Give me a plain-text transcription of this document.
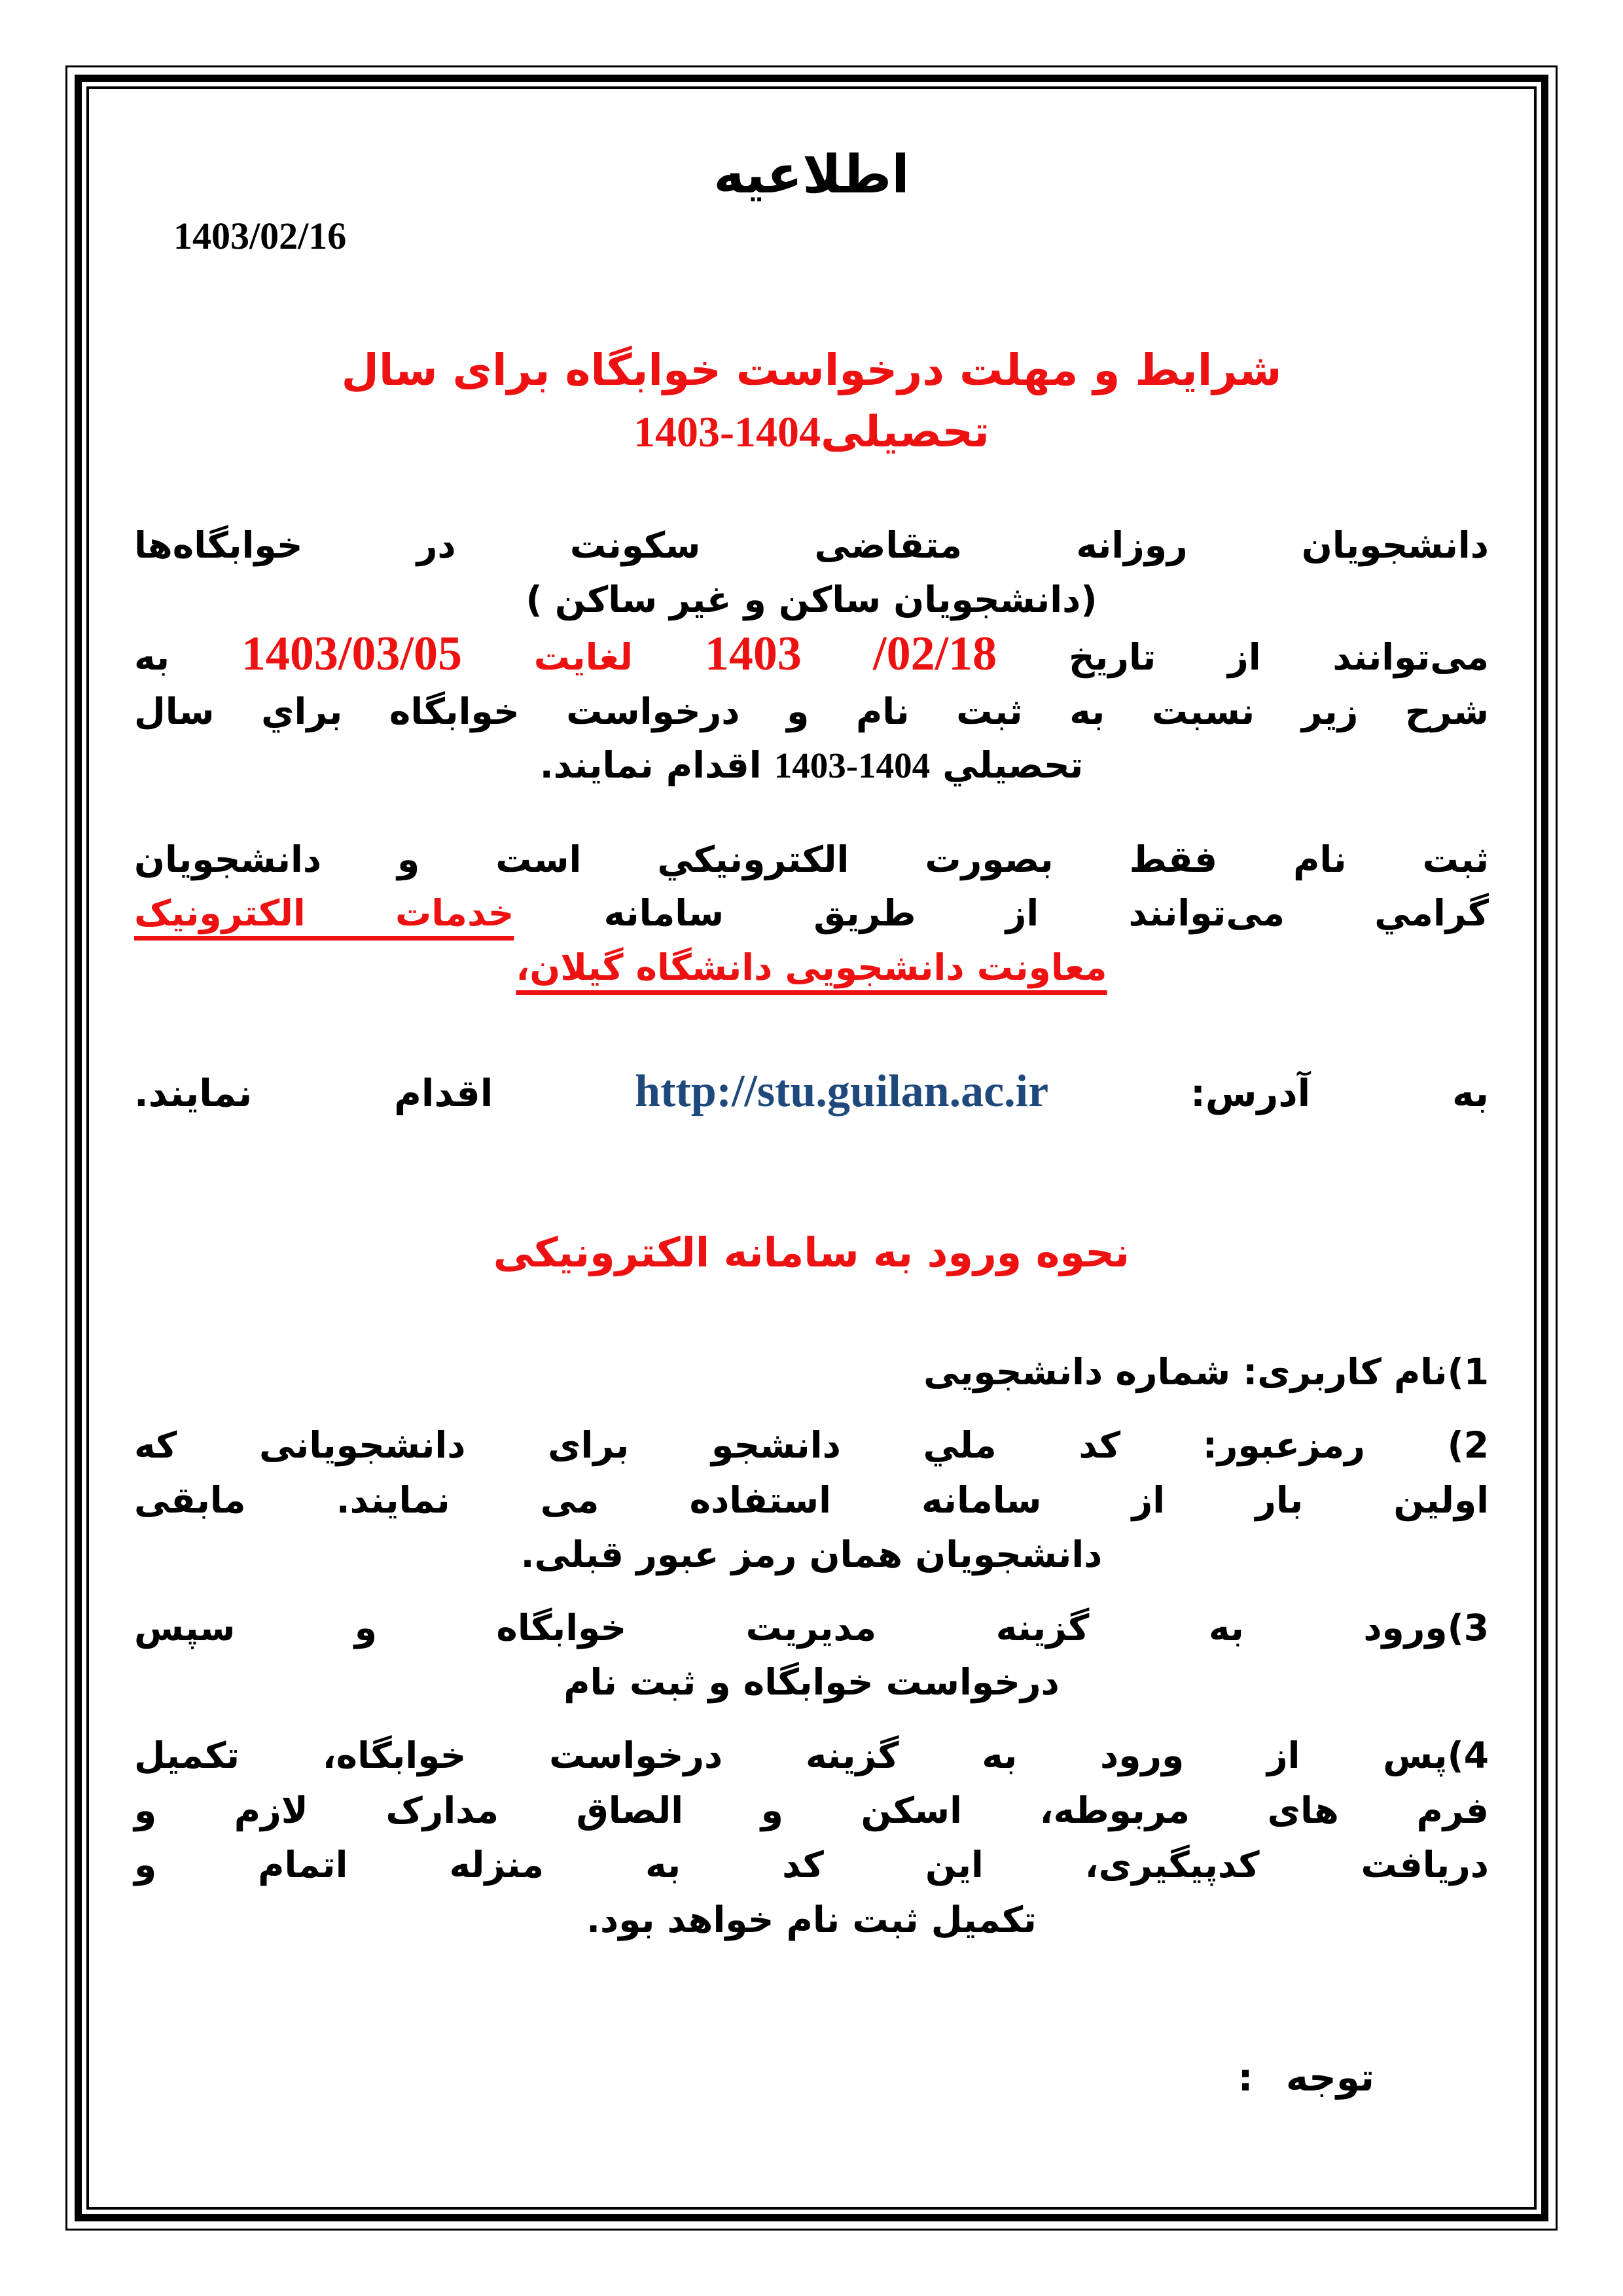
اطلاعيه
1403/02/16
شرایط و مهلت درخواست خوابگاه برای سال
تحصیلی1403-1404
دانشجویان روزانه متقاضی سکونت در خوابگاه‌ها
(دانشجویان ساکن و غیر ساکن )
می‌توانند از تاریخ 1403 /02/18 لغایت 1403/03/05 به
شرح زیر نسبت به ثبت نام و درخواست خوابگاه براي سال
تحصیلي 1403-1404 اقدام نمایند.
ثبت نام فقط بصورت الکترونیکي است و دانشجویان
گرامي می‌توانند از طریق سامانه خدمات الکترونیک
معاونت دانشجویی دانشگاه گیلان،
به آدرس: http://stu.guilan.ac.ir اقدام نمایند.
نحوه ورود به سامانه الکترونیکی
1)نام کاربری: شماره دانشجویی
2) رمزعبور: کد ملي دانشجو برای دانشجویانی که
اولین بار از سامانه استفاده می نمایند. مابقی
دانشجویان همان رمز عبور قبلی.
3)ورود به گزینه مدیریت خوابگاه و سپس
درخواست خوابگاه و ثبت نام
4)پس از ورود به گزینه درخواست خوابگاه، تکمیل
فرم های مربوطه، اسکن و الصاق مدارک لازم و
دریافت کدپیگیری، این کد به منزله اتمام و
تکمیل ثبت نام خواهد بود.
توجه :
